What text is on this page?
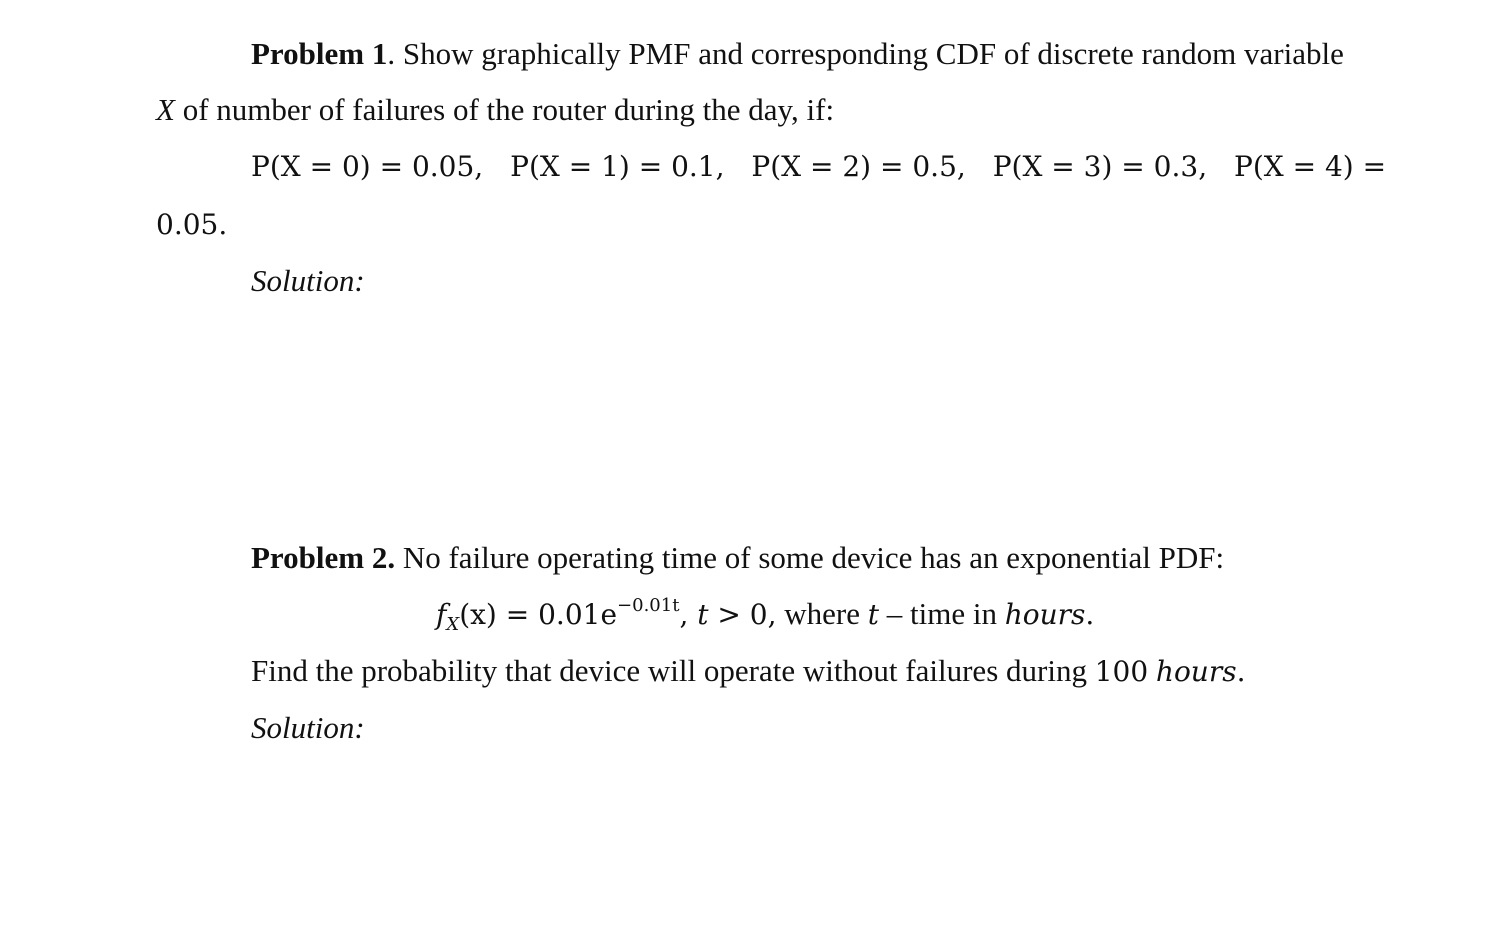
Problem 1. Show graphically PMF and corresponding CDF of discrete random variable
X of number of failures of the router during the day, if:
P(X = 0) = 0.05, P(X = 1) = 0.1, P(X = 2) = 0.5, P(X = 3) = 0.3, P(X = 4) =
0.05.
Solution:
Problem 2. No failure operating time of some device has an exponential PDF:
$f_X(x) = 0.01e^{-0.01t}$, t > 0, where t – time in hours.
Find the probability that device will operate without failures during 100 hours.
Solution:
